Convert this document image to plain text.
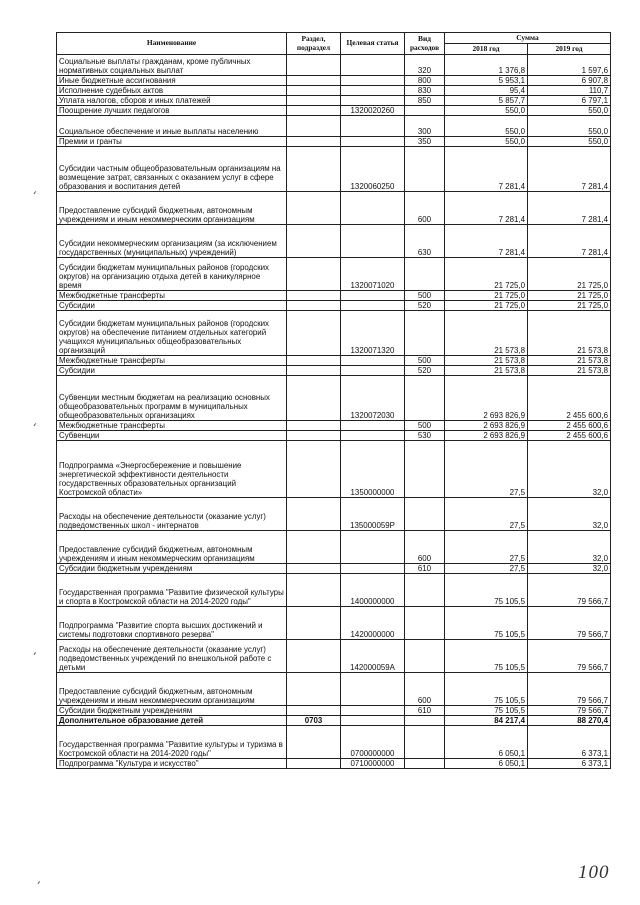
Наименование	Раздел, подраздел	Целевая статья	Вид расходов	Сумма	
				2018 год	2019 год
Социальные выплаты гражданам, кроме публичных нормативных социальных выплат			320	1 376,8	1 597,6
Иные бюджетные ассигнования			800	5 953,1	6 907,8
Исполнение судебных актов			830	95,4	110,7
Уплата налогов, сборов и иных платежей			850	5 857,7	6 797,1
Поощрение лучших педагогов		1320020260		550,0	550,0
Социальное обеспечение и иные выплаты населению			300	550,0	550,0
Премии и гранты			350	550,0	550,0
Субсидии частным общеобразовательным организациям на возмещение затрат, связанных с оказанием услуг в сфере образования и воспитания детей		1320060250		7 281,4	7 281,4
Предоставление субсидий бюджетным, автономным учреждениям и иным некоммерческим организациям			600	7 281,4	7 281,4
Субсидии некоммерческим организациям (за исключением государственных (муниципальных) учреждений)			630	7 281,4	7 281,4
Субсидии бюджетам муниципальных районов (городских округов) на организацию отдыха детей в каникулярное время		1320071020		21 725,0	21 725,0
Межбюджетные трансферты			500	21 725,0	21 725,0
Субсидии			520	21 725,0	21 725,0
Субсидии бюджетам муниципальных районов (городских округов) на обеспечение питанием отдельных категорий учащихся муниципальных общеобразовательных организаций		1320071320		21 573,8	21 573,8
Межбюджетные трансферты			500	21 573,8	21 573,8
Субсидии			520	21 573,8	21 573,8
Субвенции местным бюджетам на реализацию основных общеобразовательных программ в муниципальных общеобразовательных организациях		1320072030		2 693 826,9	2 455 600,6
Межбюджетные трансферты			500	2 693 826,9	2 455 600,6
Субвенции			530	2 693 826,9	2 455 600,6
Подпрограмма «Энергосбережение и повышение энергетической эффективности деятельности государственных образовательных организаций Костромской области»		1350000000		27,5	32,0
Расходы на обеспечение деятельности (оказание услуг) подведомственных школ - интернатов		135000059Р		27,5	32,0
Предоставление субсидий бюджетным, автономным учреждениям и иным некоммерческим организациям			600	27,5	32,0
Субсидии бюджетным учреждениям			610	27,5	32,0
Государственная программа "Развитие физической культуры и спорта в Костромской области на 2014-2020 годы"		1400000000		75 105,5	79 566,7
Подпрограмма "Развитие спорта высших достижений и системы подготовки спортивного резерва"		1420000000		75 105,5	79 566,7
Расходы на обеспечение деятельности (оказание услуг) подведомственных учреждений по внешкольной работе с детьми		142000059А		75 105,5	79 566,7
Предоставление субсидий бюджетным, автономным учреждениям и иным некоммерческим организациям			600	75 105,5	79 566,7
Субсидии бюджетным учреждениям			610	75 105,5	79 566,7
Дополнительное образование детей	0703			84 217,4	88 270,4
Государственная программа "Развитие культуры и туризма в Костромской области на 2014-2020 годы"		0700000000		6 050,1	6 373,1
Подпрограмма "Культура и искусство"		0710000000		6 050,1	6 373,1
100
